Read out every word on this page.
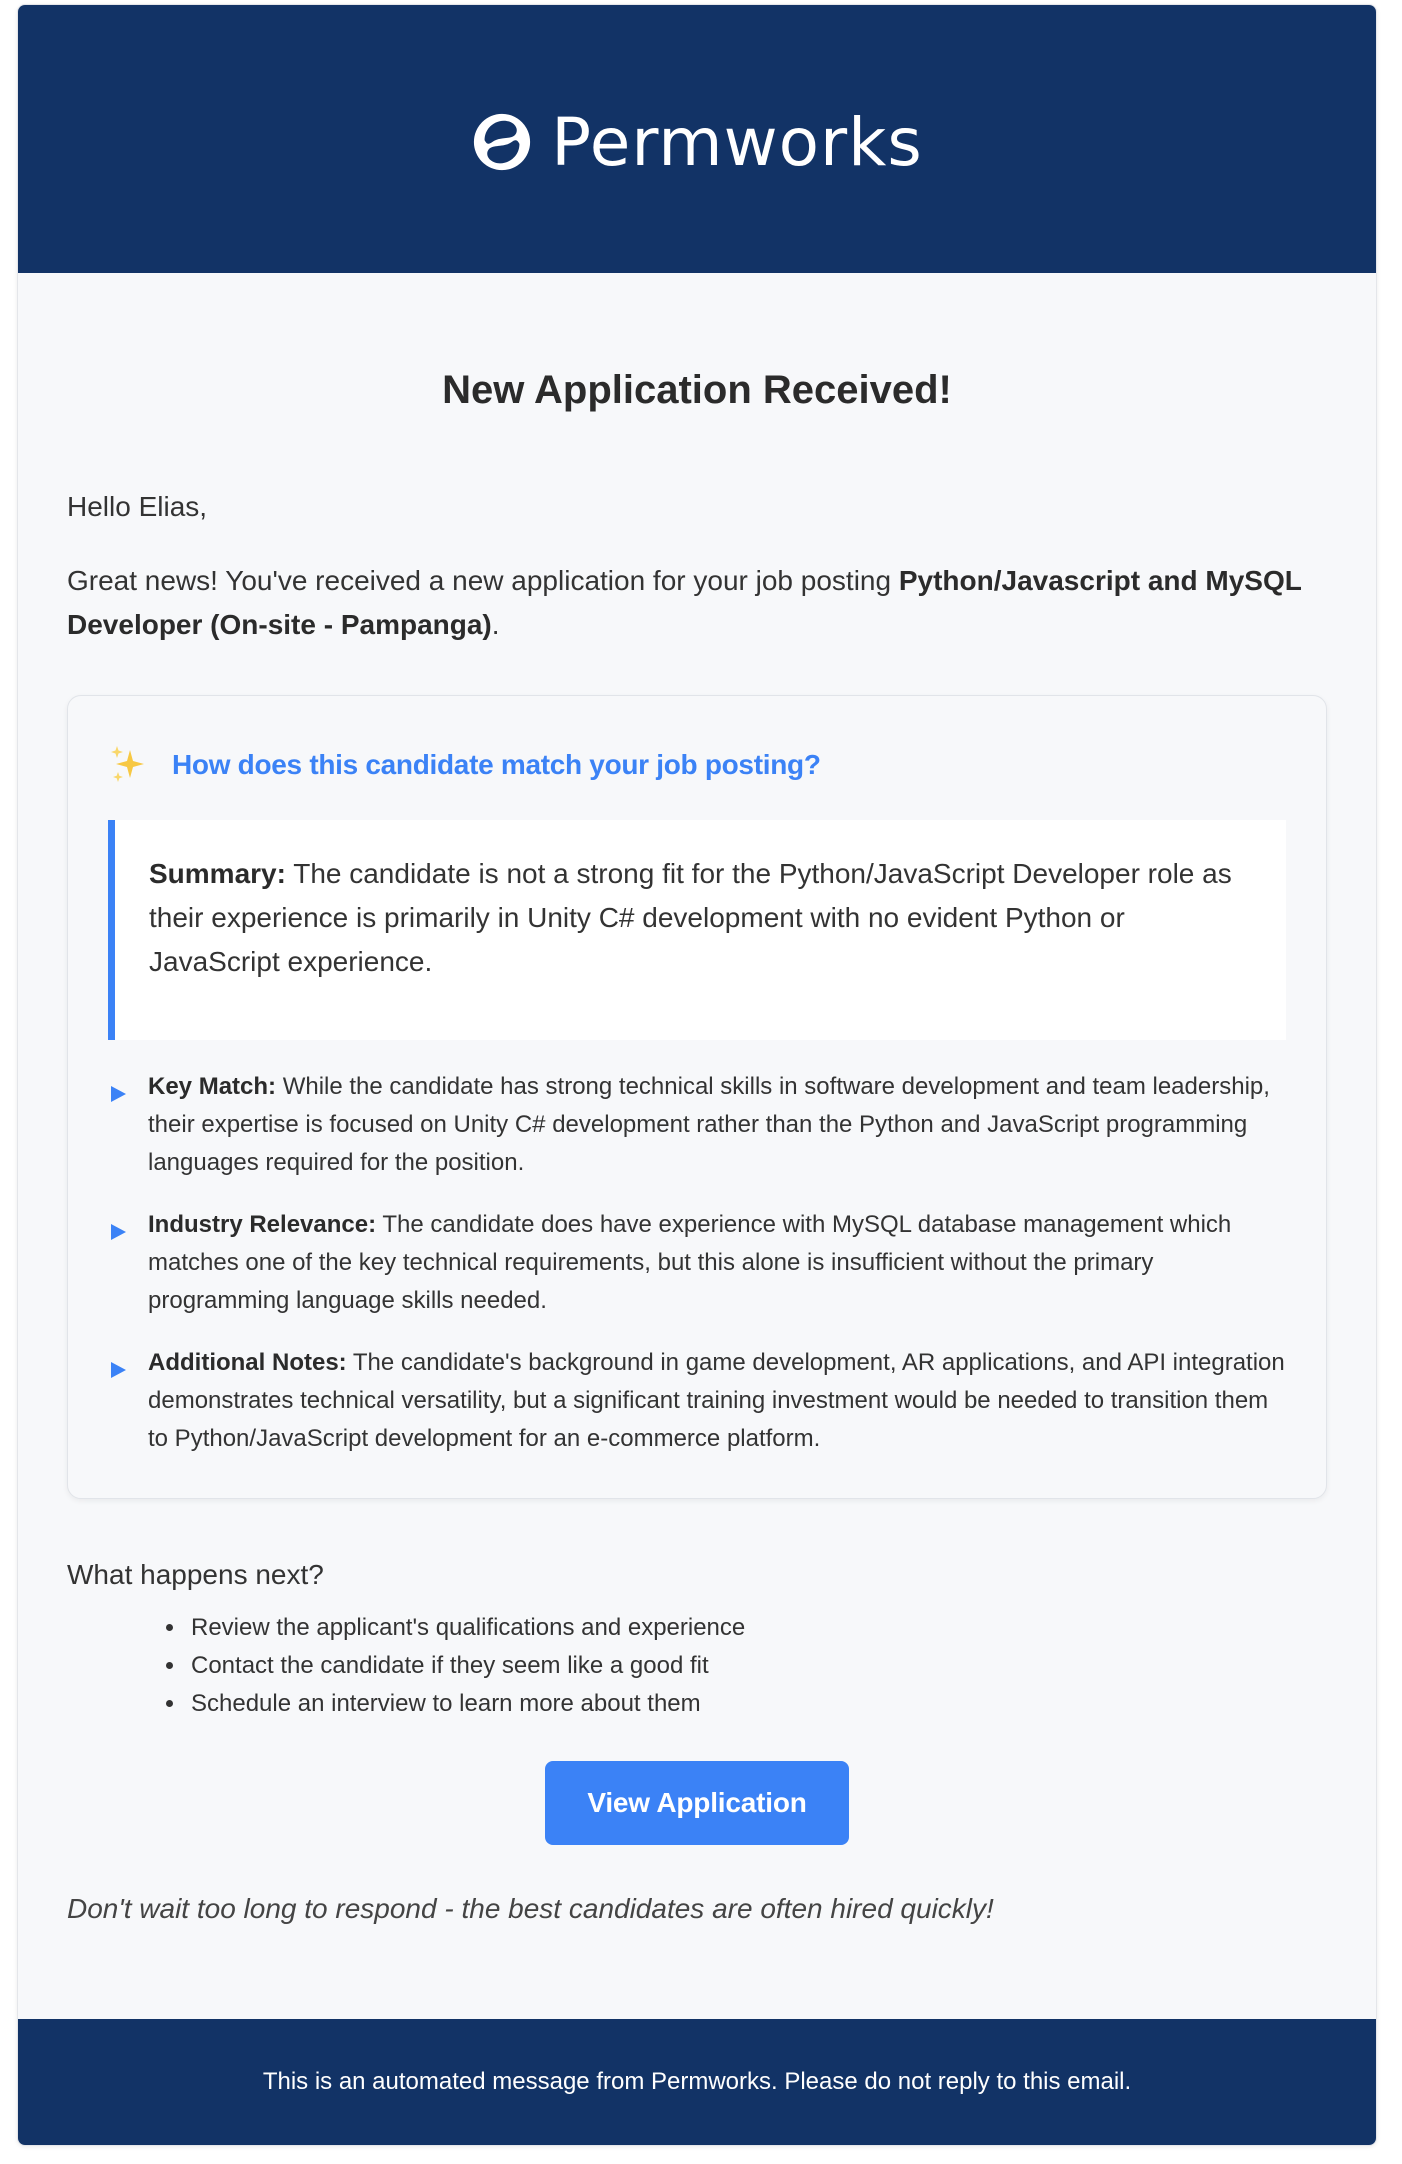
Permworks
New Application Received!

Hello Elias,

Great news! You've received a new application for your job posting Python/Javascript and MySQL Developer (On-site - Pampanga).

How does this candidate match your job posting?
Summary: The candidate is not a strong fit for the Python/JavaScript Developer role as their experience is primarily in Unity C# development with no evident Python or JavaScript experience.
Key Match: While the candidate has strong technical skills in software development and team leadership, their expertise is focused on Unity C# development rather than the Python and JavaScript programming languages required for the position.
Industry Relevance: The candidate does have experience with MySQL database management which matches one of the key technical requirements, but this alone is insufficient without the primary programming language skills needed.
Additional Notes: The candidate's background in game development, AR applications, and API integration demonstrates technical versatility, but a significant training investment would be needed to transition them to Python/JavaScript development for an e-commerce platform.

What happens next?

• Review the applicant's qualifications and experience
• Contact the candidate if they seem like a good fit
• Schedule an interview to learn more about them
View Application

Don't wait too long to respond - the best candidates are often hired quickly!

This is an automated message from Permworks. Please do not reply to this email.
